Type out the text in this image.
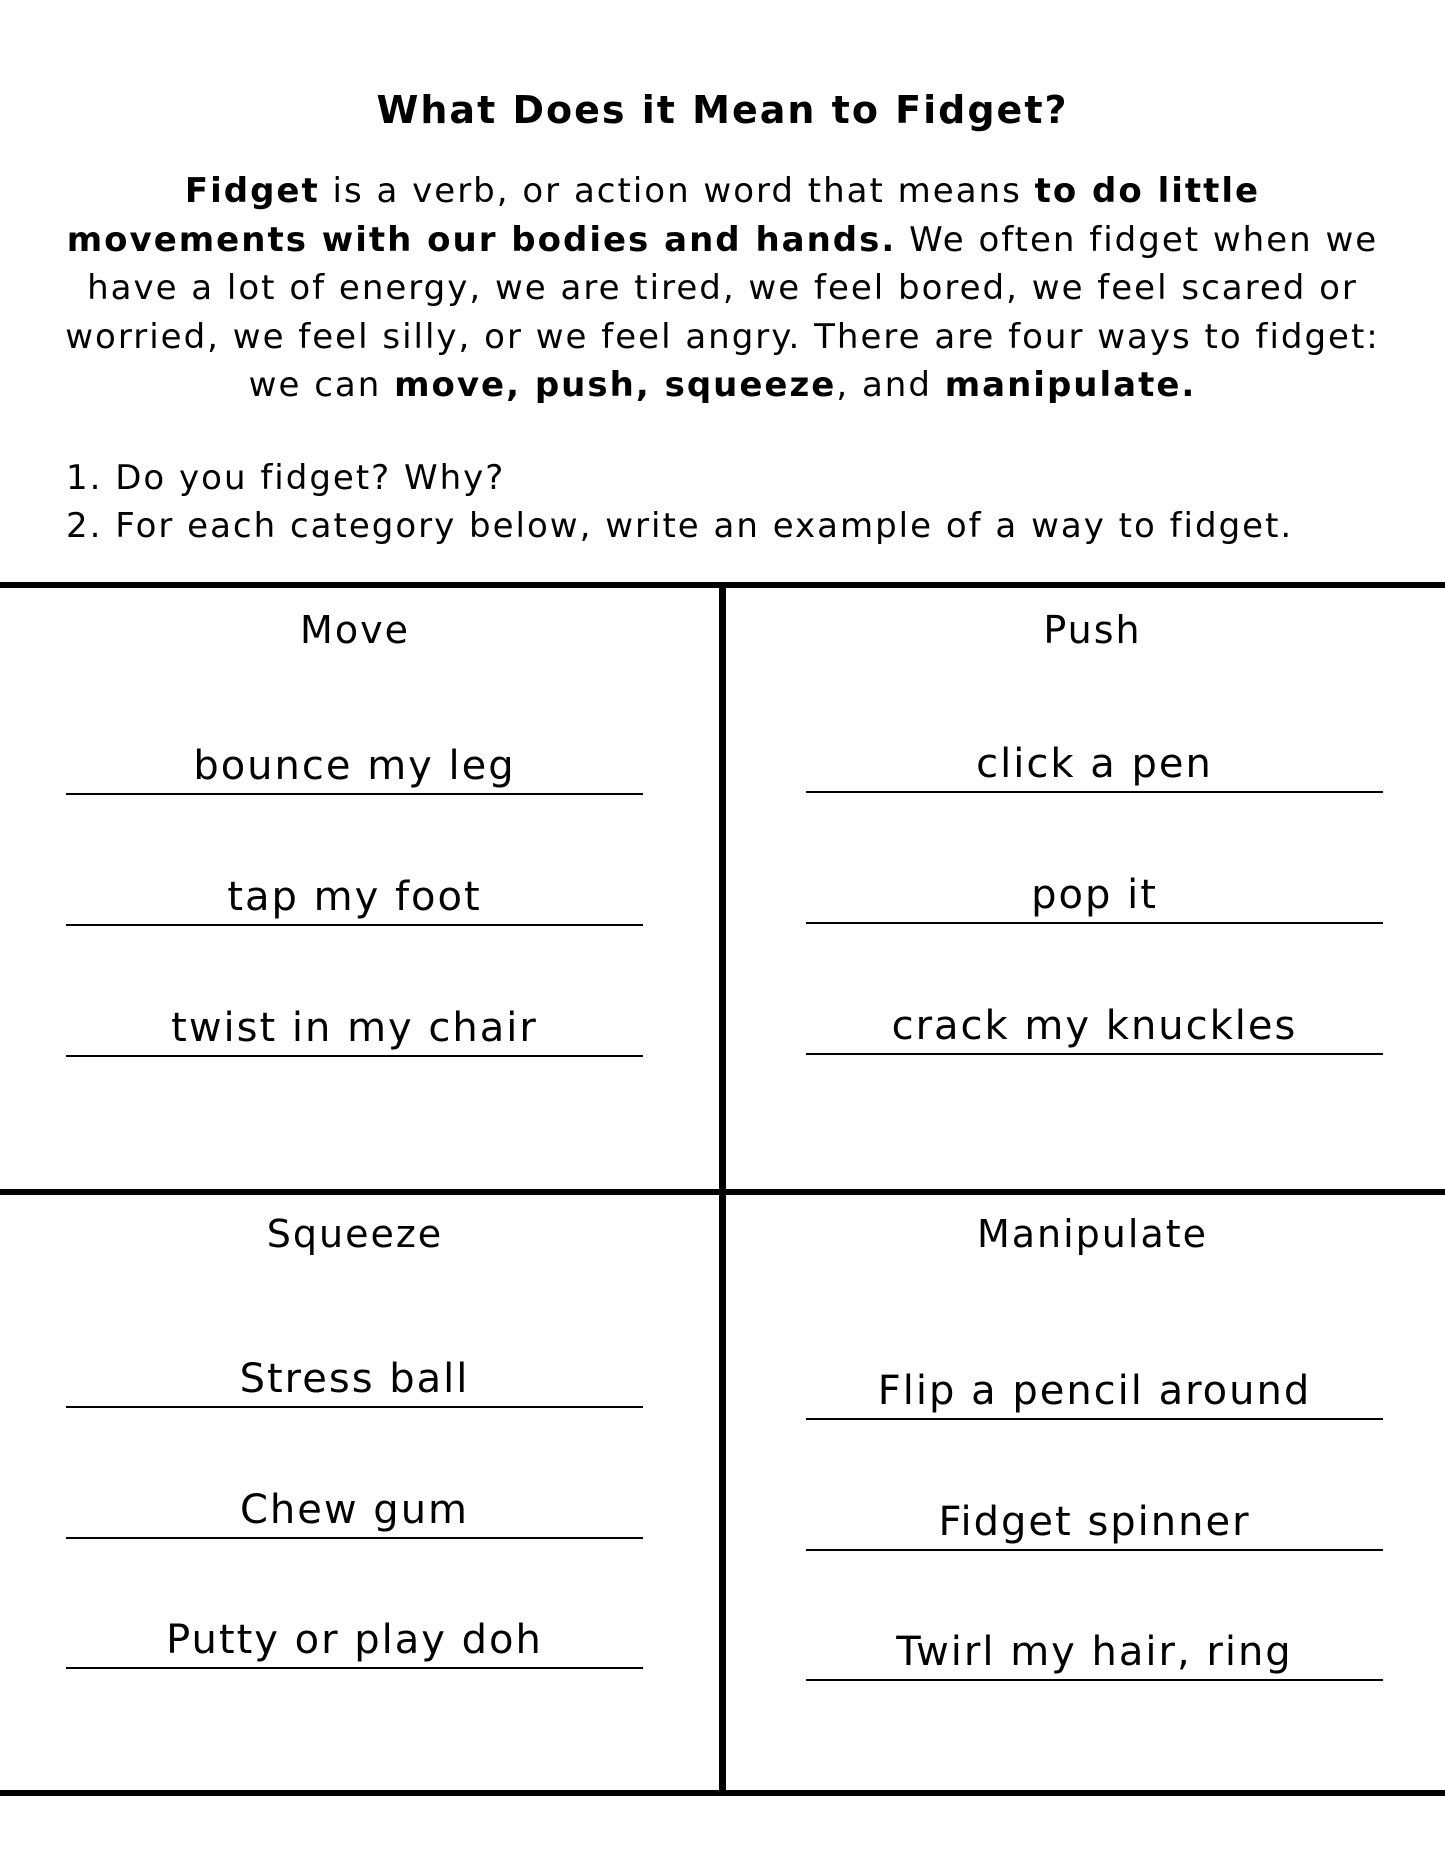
What Does it Mean to Fidget?

Fidget is a verb, or action word that means to do little movements with our bodies and hands. We often fidget when we have a lot of energy, we are tired, we feel bored, we feel scared or worried, we feel silly, or we feel angry. There are four ways to fidget: we can move, push, squeeze, and manipulate.

1. Do you fidget? Why?
2. For each category below, write an example of a way to fidget.
Move
bounce my leg
tap my foot
twist in my chair
Push
click a pen
pop it
crack my knuckles
Squeeze
Stress ball
Chew gum
Putty or play doh
Manipulate
Flip a pencil around
Fidget spinner
Twirl my hair, ring
